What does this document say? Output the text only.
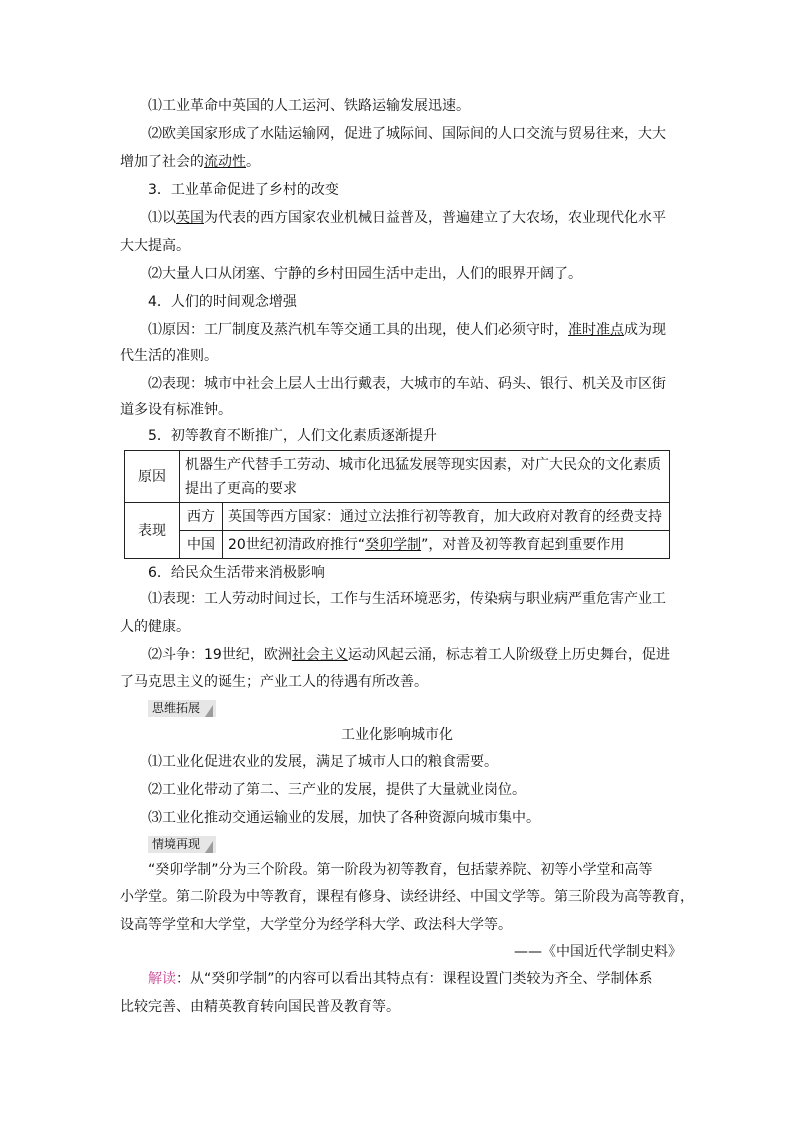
⑴工业革命中英国的人工运河、铁路运输发展迅速。
⑵欧美国家形成了水陆运输网，促进了城际间、国际间的人口交流与贸易往来，大大
增加了社会的流动性。
3．工业革命促进了乡村的改变
⑴以英国为代表的西方国家农业机械日益普及，普遍建立了大农场，农业现代化水平
大大提高。
⑵大量人口从闭塞、宁静的乡村田园生活中走出，人们的眼界开阔了。
4．人们的时间观念增强
⑴原因：工厂制度及蒸汽机车等交通工具的出现，使人们必须守时，准时准点成为现
代生活的准则。
⑵表现：城市中社会上层人士出行戴表，大城市的车站、码头、银行、机关及市区街
道多设有标准钟。
5．初等教育不断推广，人们文化素质逐渐提升
原因	机器生产代替手工劳动、城市化迅猛发展等现实因素，对广大民众的文化素质
提出了更高的要求	

表现	西方	英国等西方国家：通过立法推行初等教育，加大政府对教育的经费支持
	中国	20世纪初清政府推行“癸卯学制”，对普及初等教育起到重要作用
6．给民众生活带来消极影响
⑴表现：工人劳动时间过长，工作与生活环境恶劣，传染病与职业病严重危害产业工
人的健康。
⑵斗争：19世纪，欧洲社会主义运动风起云涌，标志着工人阶级登上历史舞台，促进
了马克思主义的诞生；产业工人的待遇有所改善。
思维拓展
工业化影响城市化
⑴工业化促进农业的发展，满足了城市人口的粮食需要。
⑵工业化带动了第二、三产业的发展，提供了大量就业岗位。
⑶工业化推动交通运输业的发展，加快了各种资源向城市集中。
情境再现
“癸卯学制”分为三个阶段。第一阶段为初等教育，包括蒙养院、初等小学堂和高等
小学堂。第二阶段为中等教育，课程有修身、读经讲经、中国文学等。第三阶段为高等教育，
设高等学堂和大学堂，大学堂分为经学科大学、政法科大学等。
——《中国近代学制史料》
解读：从“癸卯学制”的内容可以看出其特点有：课程设置门类较为齐全、学制体系
比较完善、由精英教育转向国民普及教育等。
